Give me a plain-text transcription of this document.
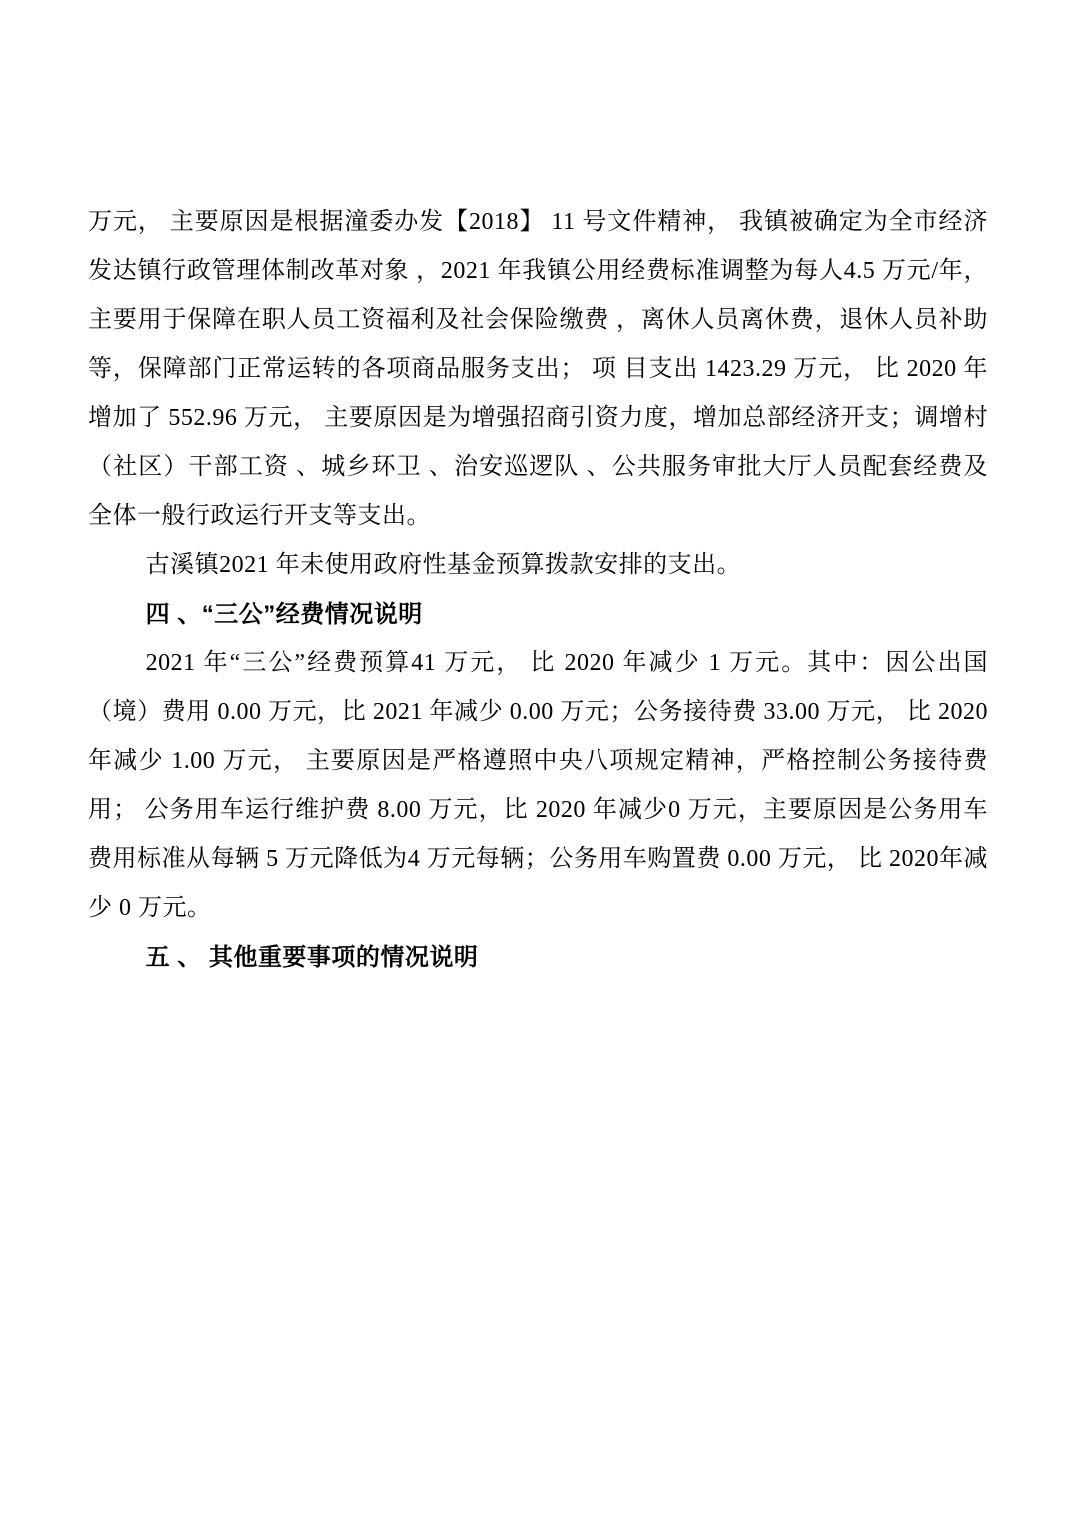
万元， 主要原因是根据潼委办发【2018】 11 号文件精神， 我镇被确定为全市经济发达镇行政管理体制改革对象 ，2021 年我镇公用经费标准调整为每人4.5 万元/年， 主要用于保障在职人员工资福利及社会保险缴费 ，离休人员离休费，退休人员补助等，保障部门正常运转的各项商品服务支出； 项 目支出 1423.29 万元， 比 2020 年增加了 552.96 万元， 主要原因是为增强招商引资力度，增加总部经济开支；调增村（社区）干部工资 、城乡环卫 、治安巡逻队 、公共服务审批大厅人员配套经费及全体一般行政运行开支等支出。

古溪镇2021 年未使用政府性基金预算拨款安排的支出。

四 、“三公”经费情况说明

2021 年“三公”经费预算41 万元， 比 2020 年减少 1 万元。其中：因公出国（境）费用 0.00 万元，比 2021 年减少 0.00 万元；公务接待费 33.00 万元， 比 2020 年减少 1.00 万元， 主要原因是严格遵照中央八项规定精神，严格控制公务接待费用； 公务用车运行维护费 8.00 万元，比 2020 年减少0 万元，主要原因是公务用车费用标准从每辆 5 万元降低为4 万元每辆；公务用车购置费 0.00 万元， 比 2020年减少 0 万元。

五 、 其他重要事项的情况说明
